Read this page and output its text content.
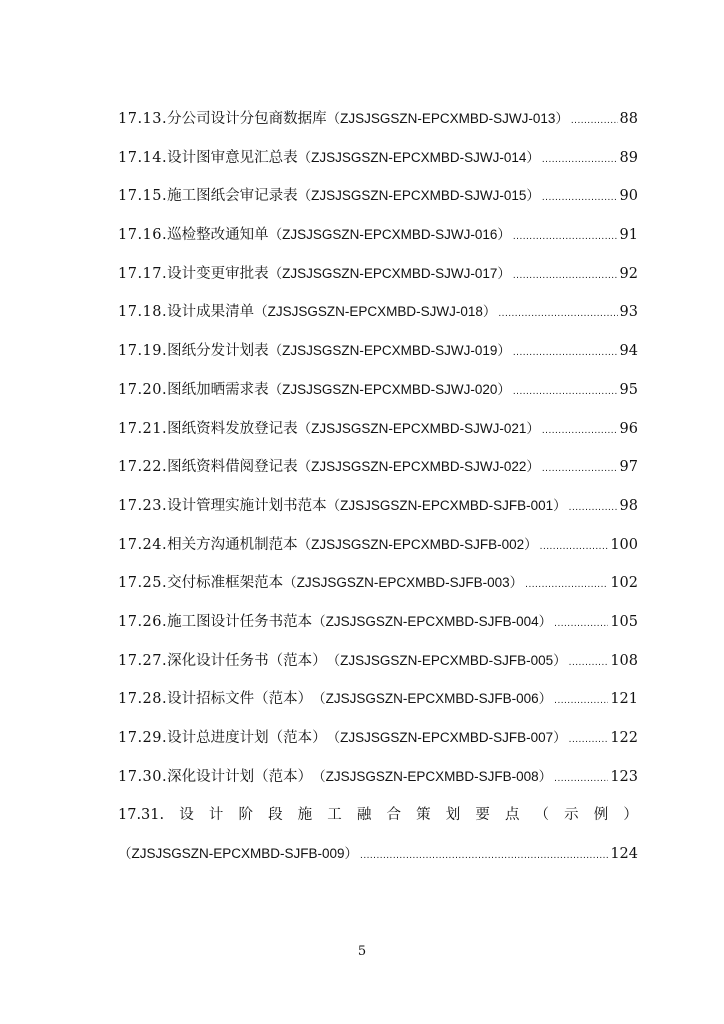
17.13. 分公司设计分包商数据库 （ZJSJSGSZN-EPCXMBD-SJWJ-013） .....	88
17.14. 设计图审意见汇总表 （ZJSJSGSZN-EPCXMBD-SJWJ-014） .....	89
17.15. 施工图纸会审记录表 （ZJSJSGSZN-EPCXMBD-SJWJ-015） .....	90
17.16. 巡检整改通知单 （ZJSJSGSZN-EPCXMBD-SJWJ-016） .....	91
17.17. 设计变更审批表 （ZJSJSGSZN-EPCXMBD-SJWJ-017） .....	92
17.18. 设计成果清单 （ZJSJSGSZN-EPCXMBD-SJWJ-018） .....	93
17.19. 图纸分发计划表 （ZJSJSGSZN-EPCXMBD-SJWJ-019） .....	94
17.20. 图纸加晒需求表 （ZJSJSGSZN-EPCXMBD-SJWJ-020） .....	95
17.21. 图纸资料发放登记表 （ZJSJSGSZN-EPCXMBD-SJWJ-021） .....	96
17.22. 图纸资料借阅登记表 （ZJSJSGSZN-EPCXMBD-SJWJ-022） .....	97
17.23. 设计管理实施计划书范本 （ZJSJSGSZN-EPCXMBD-SJFB-001） .....	98
17.24. 相关方沟通机制范本 （ZJSJSGSZN-EPCXMBD-SJFB-002） .....	100
17.25. 交付标准框架范本 （ZJSJSGSZN-EPCXMBD-SJFB-003） .....	102
17.26. 施工图设计任务书范本 （ZJSJSGSZN-EPCXMBD-SJFB-004） .....	105
17.27. 深化设计任务书（范本） （ZJSJSGSZN-EPCXMBD-SJFB-005） .....	108
17.28. 设计招标文件（范本） （ZJSJSGSZN-EPCXMBD-SJFB-006） .....	121
17.29. 设计总进度计划（范本） （ZJSJSGSZN-EPCXMBD-SJFB-007） .....	122
17.30. 深化设计计划（范本） （ZJSJSGSZN-EPCXMBD-SJFB-008） .....	123
17.31. 设 计 阶 段 施 工 融 合 策 划 要 点 （ 示 例 ）
（ZJSJSGSZN-EPCXMBD-SJFB-009） .....	124
5
